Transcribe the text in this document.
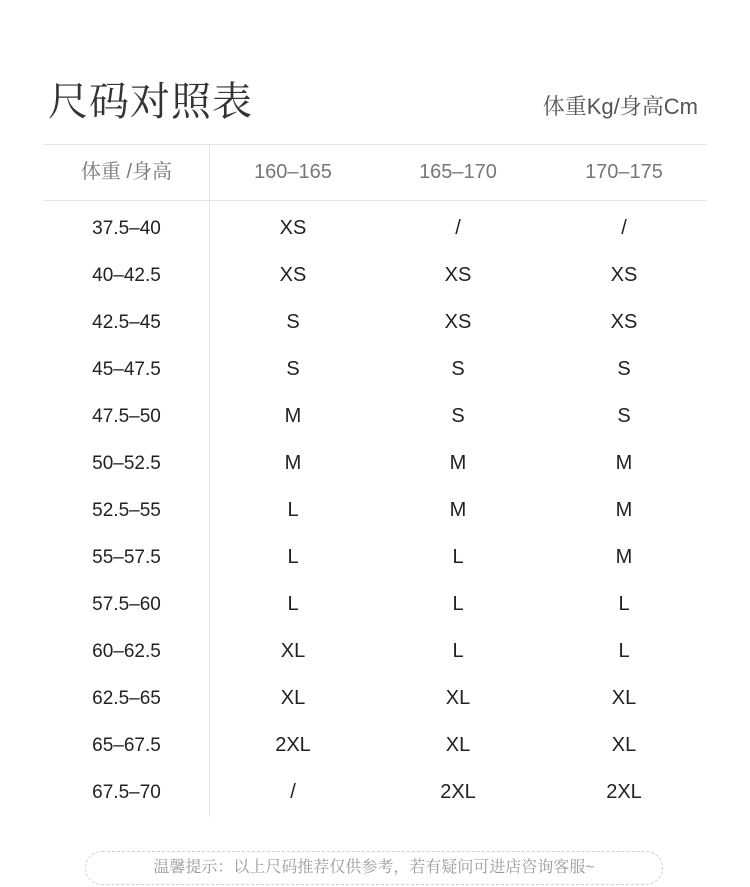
尺码对照表	体重Kg/身高Cm
体重 /身高	160–165	165–170	170–175
37.5–40	XS	/	/
40–42.5	XS	XS	XS
42.5–45	S	XS	XS
45–47.5	S	S	S
47.5–50	M	S	S
50–52.5	M	M	M
52.5–55	L	M	M
55–57.5	L	L	M
57.5–60	L	L	L
60–62.5	XL	L	L
62.5–65	XL	XL	XL
65–67.5	2XL	XL	XL
67.5–70	/	2XL	2XL
温馨提示：以上尺码推荐仅供参考，若有疑问可进店咨询客服~
